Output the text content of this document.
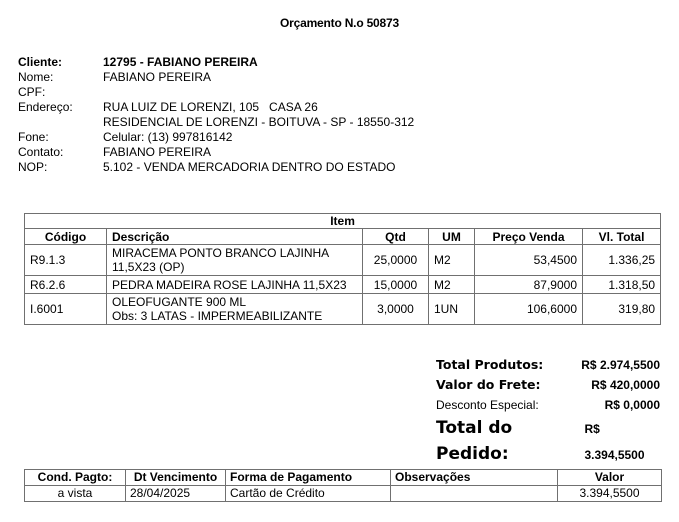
Orçamento N.o 50873
Cliente:	12795 - FABIANO PEREIRA
Nome:	FABIANO PEREIRA
CPF:
Endereço:	RUA LUIZ DE LORENZI, 105   CASA 26
RESIDENCIAL DE LORENZI - BOITUVA - SP - 18550-312
Fone:	Celular: (13) 997816142
Contato:	FABIANO PEREIRA
NOP:	5.102 - VENDA MERCADORIA DENTRO DO ESTADO
Item					
Código	Descrição	Qtd	UM	Preço Venda	Vl. Total
R9.1.3	MIRACEMA PONTO BRANCO LAJINHA
11,5X23 (OP)	25,0000	M2	53,4500	1.336,25
R6.2.6	PEDRA MADEIRA ROSE LAJINHA 11,5X23	15,0000	M2	87,9000	1.318,50
I.6001	OLEOFUGANTE 900 ML
Obs: 3 LATAS - IMPERMEABILIZANTE	3,0000	1UN	106,6000	319,80
Total Produtos:	R$ 2.974,5500
Valor do Frete:	R$ 420,0000
Desconto Especial:	R$ 0,0000
Total do Pedido:
R$ 3.394,5500
Cond. Pagto:	Dt Vencimento	Forma de Pagamento	Observações	Valor
a vista	28/04/2025	Cartão de Crédito		3.394,5500
